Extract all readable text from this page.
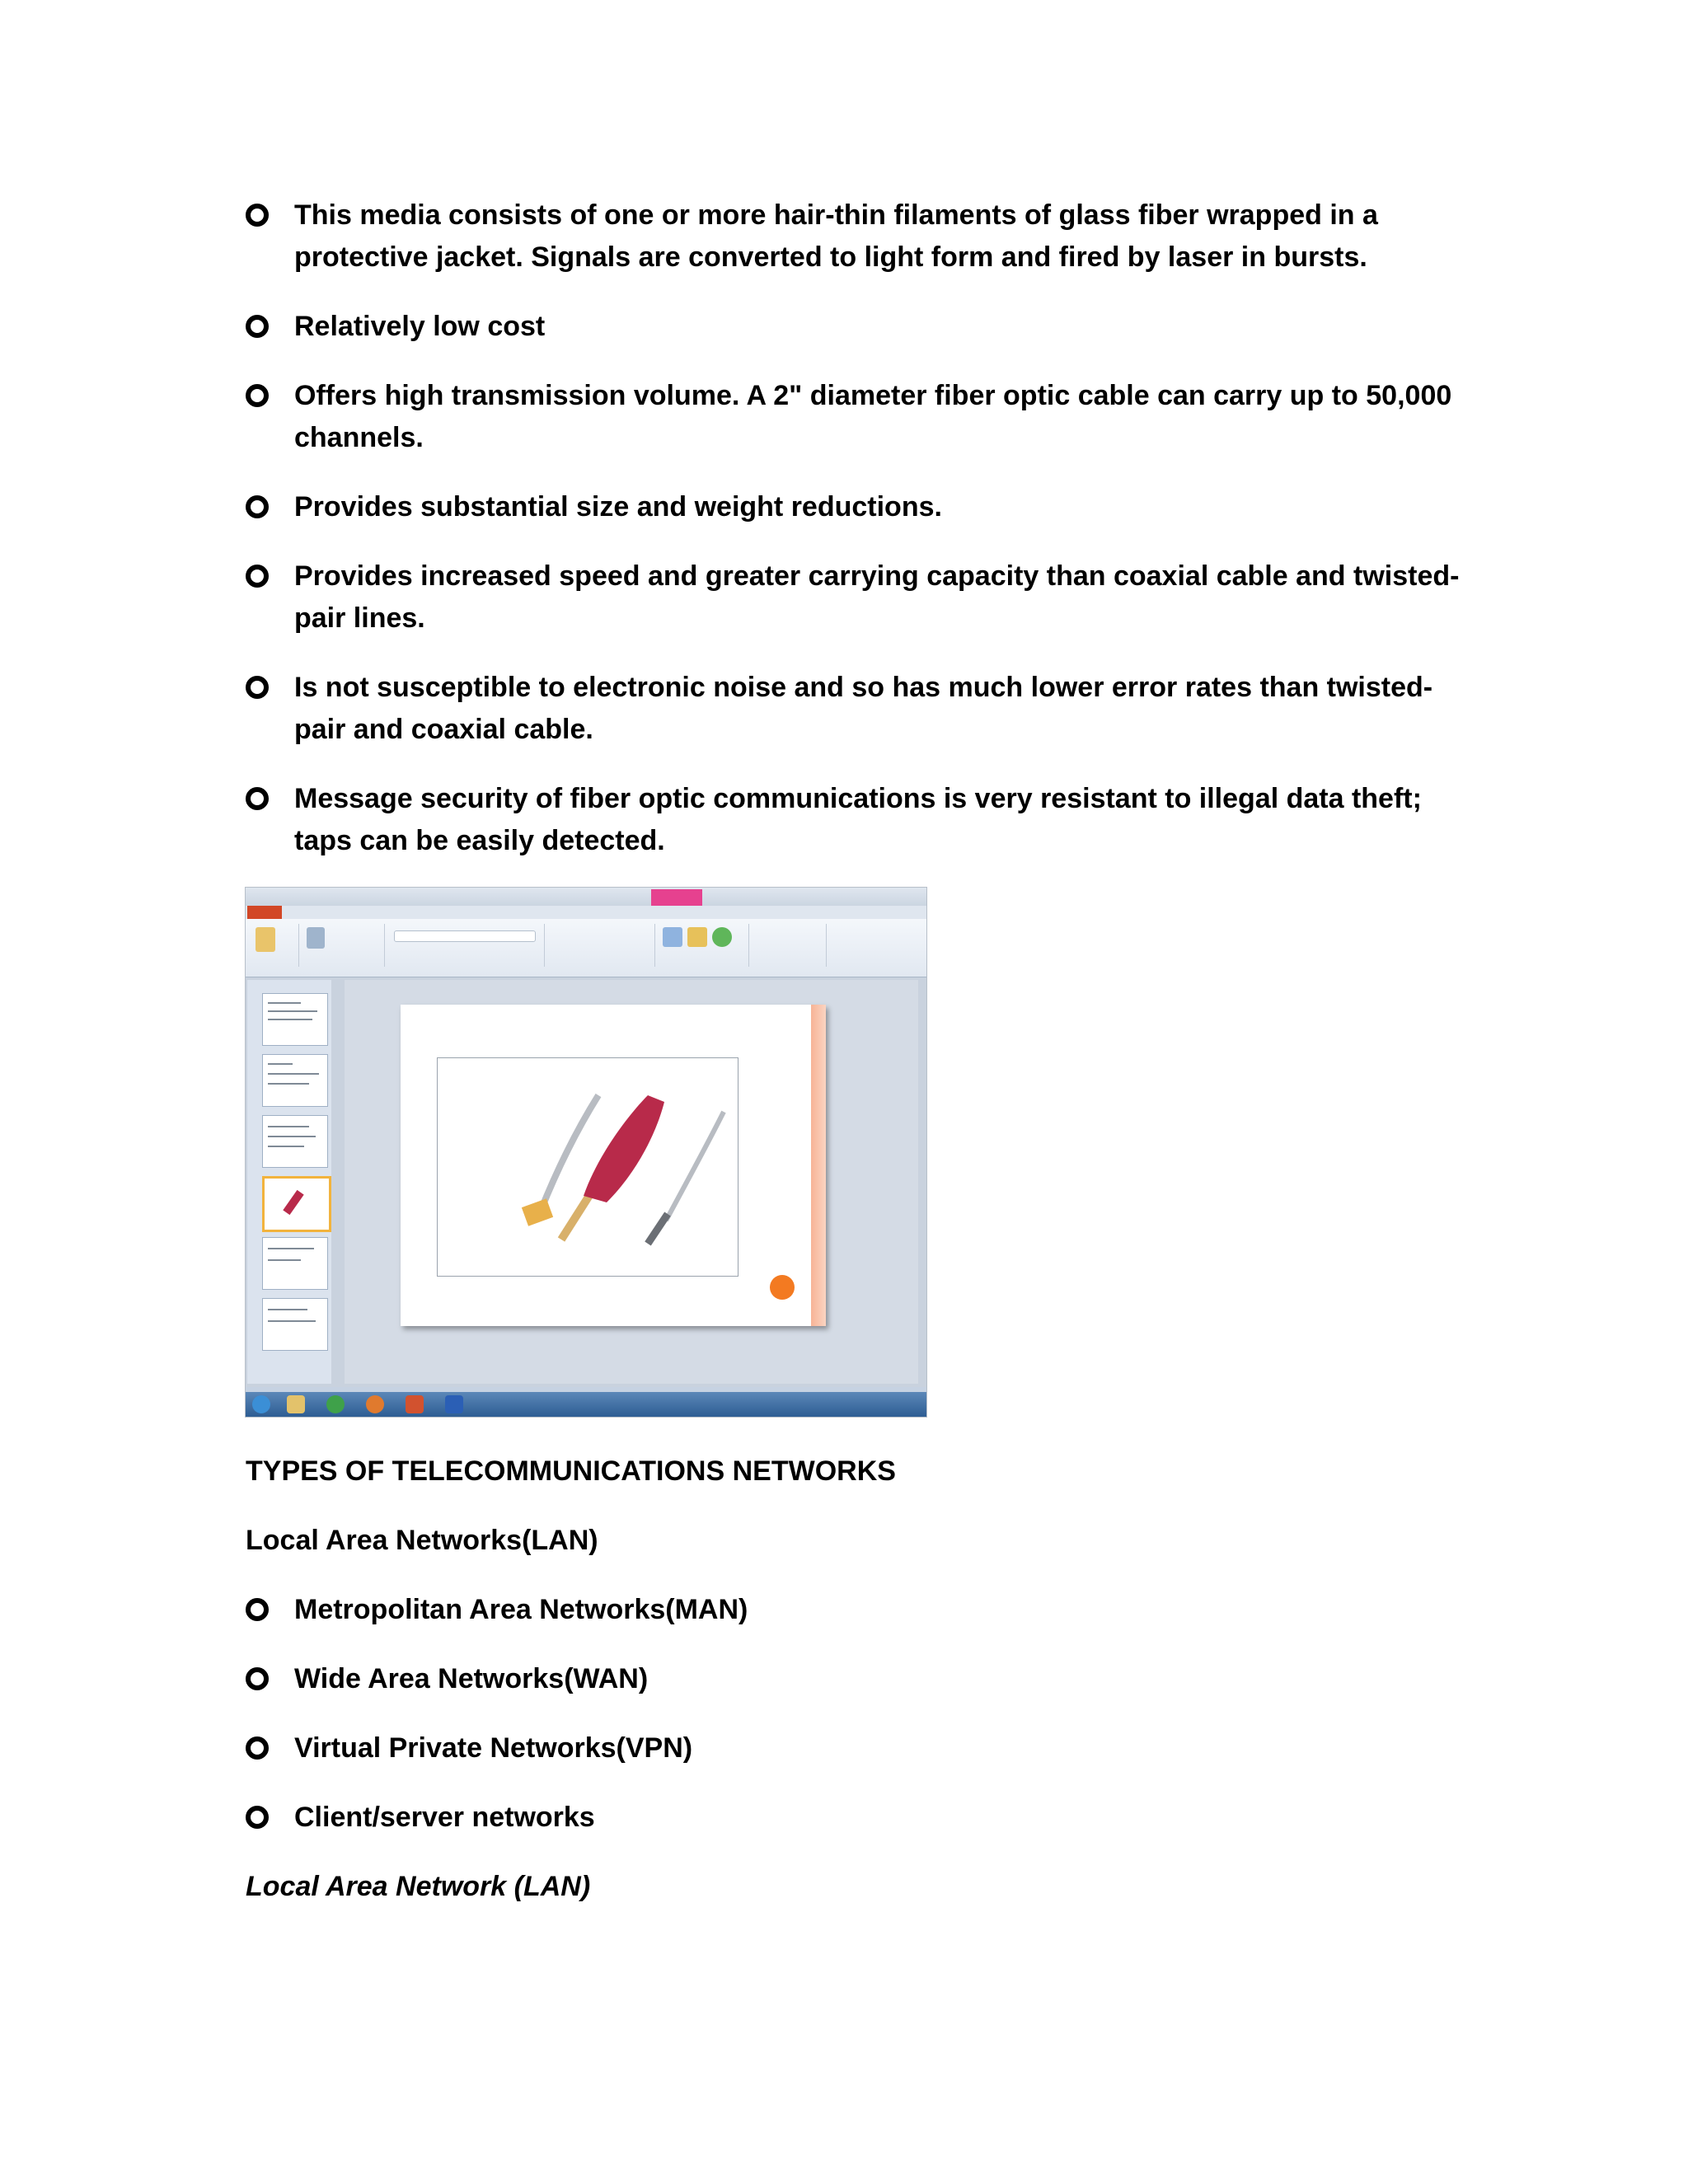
This media consists of one or more hair-thin filaments of glass fiber wrapped in a protective jacket. Signals are converted to light form and fired by laser in bursts.
Relatively low cost
Offers high transmission volume. A 2" diameter fiber optic cable can carry up to 50,000 channels.
Provides substantial size and weight reductions.
Provides increased speed and greater carrying capacity than coaxial cable and twisted-pair lines.
Is not susceptible to electronic noise and so has much lower error rates than twisted-pair and coaxial cable.
Message security of fiber optic communications is very resistant to illegal data theft; taps can be easily detected.
TYPES OF TELECOMMUNICATIONS NETWORKS
Local Area Networks(LAN)
Metropolitan Area Networks(MAN)
Wide Area Networks(WAN)
Virtual Private Networks(VPN)
Client/server networks
Local Area Network (LAN)
